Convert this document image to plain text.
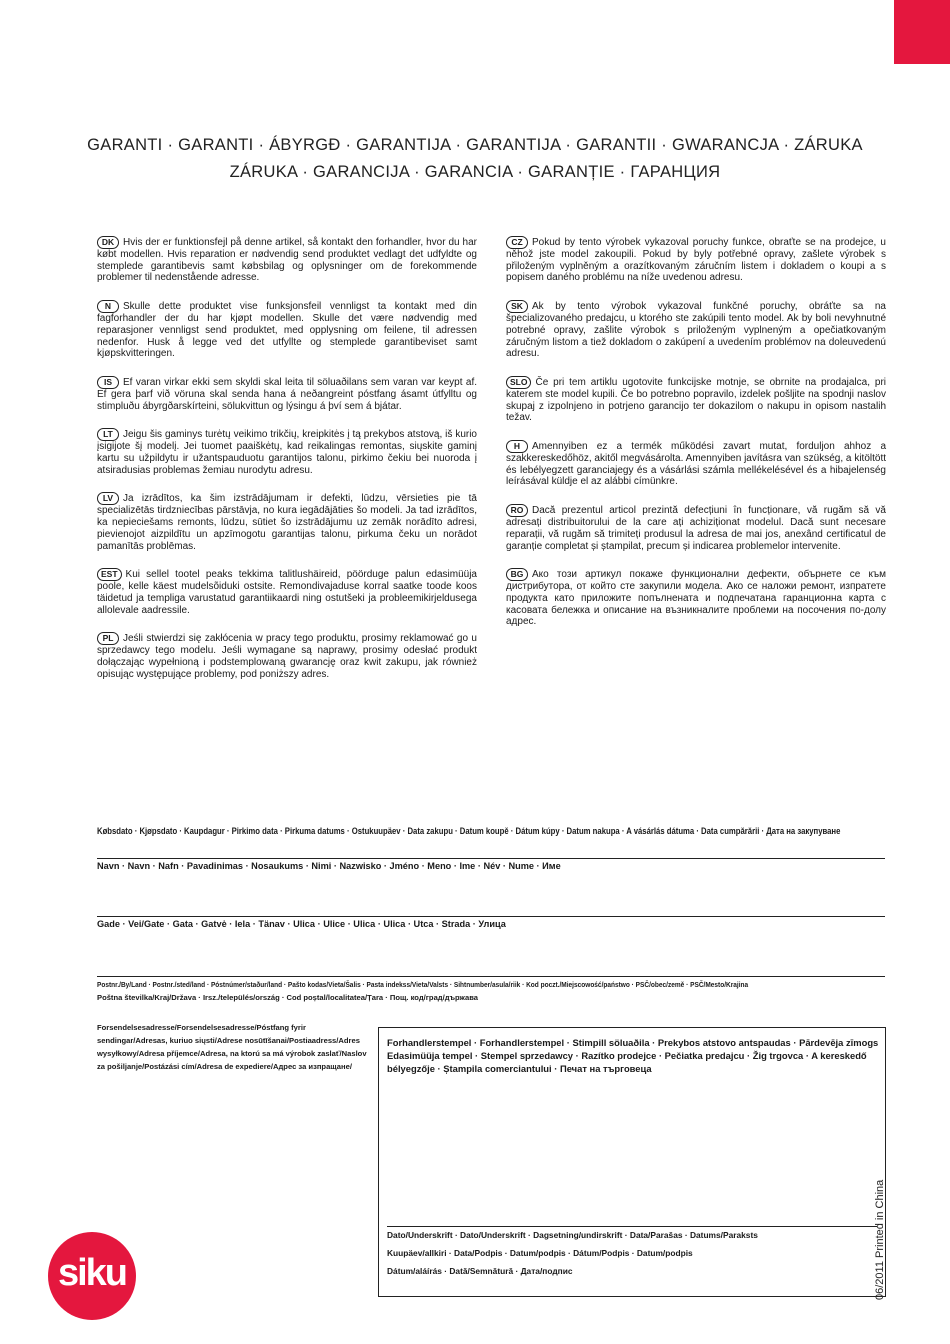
GARANTI · GARANTI · ÁBYRGÐ · GARANTIJA · GARANTIJA · GARANTII · GWARANCJA · ZÁRUKA
ZÁRUKA · GARANCIJA · GARANCIA · GARANȚIE · ГАРАНЦИЯ

DK Hvis der er funktionsfejl på denne artikel, så kontakt den forhandler, hvor du har købt modellen. Hvis reparation er nødvendig send produktet vedlagt det udfyldte og stemplede garantibevis samt købsbilag og oplysninger om de forekommende problemer til nedenstående adresse.

N Skulle dette produktet vise funksjonsfeil vennligst ta kontakt med din fagforhandler der du har kjøpt modellen. Skulle det være nødvendig med reparasjoner vennligst send produktet, med opplysning om feilene, til adressen nedenfor. Husk å legge ved det utfyllte og stemplede garantibeviset samt kjøpskvitteringen.

IS Ef varan virkar ekki sem skyldi skal leita til söluaðilans sem varan var keypt af. Ef gera þarf við vöruna skal senda hana á neðangreint póstfang ásamt útfylltu og stimpluðu ábyrgðarskírteini, sölukvittun og lýsingu á því sem á bjátar.

LT Jeigu šis gaminys turėtų veikimo trikčių, kreipkitės į tą prekybos atstovą, iš kurio įsigijote šį modelį. Jei tuomet paaiškėtų, kad reikalingas remontas, siųskite gaminį kartu su užpildytu ir užantspauduotu garantijos talonu, pirkimo čekiu bei nuoroda į atsiradusias problemas žemiau nurodytu adresu.

LV Ja izrādītos, ka šim izstrādājumam ir defekti, lūdzu, vērsieties pie tā specializētās tirdzniecības pārstāvja, no kura iegādājāties šo modeli. Ja tad izrādītos, ka nepieciešams remonts, lūdzu, sūtiet šo izstrādājumu uz zemāk norādīto adresi, pievienojot aizpildītu un apzīmogotu garantijas talonu, pirkuma čeku un norādot pamanītās problēmas.

EST Kui sellel tootel peaks tekkima talitlushäireid, pöörduge palun edasimüüja poole, kelle käest mudelsõiduki ostsite. Remondivajaduse korral saatke toode koos täidetud ja templiga varustatud garantiikaardi ning ostutšeki ja probleemikirjeldusega allolevale aadressile.

PL Jeśli stwierdzi się zakłócenia w pracy tego produktu, prosimy reklamować go u sprzedawcy tego modelu. Jeśli wymagane są naprawy, prosimy odesłać produkt dołączając wypełnioną i podstemplowaną gwarancję oraz kwit zakupu, jak również opisując występujące problemy, pod poniższy adres.

CZ Pokud by tento výrobek vykazoval poruchy funkce, obraťte se na prodejce, u něhož jste model zakoupili. Pokud by byly potřebné opravy, zašlete výrobek s přiloženým vyplněným a orazítkovaným záručním listem i dokladem o koupi a s popisem daného problému na níže uvedenou adresu.

SK Ak by tento výrobok vykazoval funkčné poruchy, obráťte sa na špecializovaného predajcu, u ktorého ste zakúpili tento model. Ak by boli nevyhnutné potrebné opravy, zašlite výrobok s priloženým vyplneným a opečiatkovaným záručným listom a tiež dokladom o zakúpení a uvedením problémov na doleuvedenú adresu.

SLO Če pri tem artiklu ugotovite funkcijske motnje, se obrnite na prodajalca, pri katerem ste model kupili. Če bo potrebno popravilo, izdelek pošljite na spodnji naslov skupaj z izpolnjeno in potrjeno garancijo ter dokazilom o nakupu in opisom nastalih težav.

H Amennyiben ez a termék működési zavart mutat, forduljon ahhoz a szakkereskedőhöz, akitől megvásárolta. Amennyiben javításra van szükség, a kitöltött és lebélyegzett garanciajegy és a vásárlási számla mellékelésével és a hibajelenség leírásával küldje el az alábbi címünkre.

RO Dacă prezentul articol prezintă defecțiuni în funcționare, vă rugăm să vă adresați distribuitorului de la care ați achiziționat modelul. Dacă sunt necesare reparații, vă rugăm să trimiteți produsul la adresa de mai jos, anexând certificatul de garanție completat și ștampilat, precum și indicarea problemelor intervenite.

BG Ако този артикул покаже функционални дефекти, обърнете се към дистрибутора, от който сте закупили модела. Ако се наложи ремонт, изпратете продукта като приложите попълнената и подпечатана гаранционна карта с касовата бележка и описание на възникналите проблеми на посочения по-долу адрес.

Købsdato · Kjøpsdato · Kaupdagur · Pirkimo data · Pirkuma datums · Ostukuupäev · Data zakupu · Datum koupě · Dátum kúpy · Datum nakupa · A vásárlás dátuma · Data cumpărării · Дата на закупуване
Navn · Navn · Nafn · Pavadinimas · Nosaukums · Nimi · Nazwisko · Jméno · Meno · Ime · Név · Nume · Име
Gade · Vei/Gate · Gata · Gatvė · Iela · Tänav · Ulica · Ulice · Ulica · Ulica · Utca · Strada · Улица
Postnr./By/Land · Postnr./sted/land · Póstnúmer/staður/land · Pašto kodas/Vieta/Šalis · Pasta indekss/Vieta/Valsts · Sihtnumber/asula/riik · Kod poczt./Miejscowość/państwo · PSČ/obec/země · PSČ/Mesto/Krajina
Poštna številka/Kraj/Država · Irsz./település/ország · Cod poștal/localitatea/Țara · Пощ. код/град/държава
Forsendelsesadresse/Forsendelsesadresse/Póstfang fyrir sendingar/Adresas, kuriuo siųsti/Adrese nosūtīšanai/Postiaadress/Adres wysyłkowy/Adresa příjemce/Adresa, na ktorú sa má výrobok zaslať/Naslov za pošiljanje/Postázási cím/Adresa de expediere/Адрес за изпращане/
Forhandlerstempel · Forhandlerstempel · Stimpill söluaðila · Prekybos atstovo antspaudas · Pārdevēja zīmogs Edasimüüja tempel · Stempel sprzedawcy · Razítko prodejce · Pečiatka predajcu · Žig trgovca · A kereskedő bélyegzője · Ștampila comerciantului · Печат на търговеца
Dato/Underskrift · Dato/Underskrift · Dagsetning/undirskrift · Data/Parašas · Datums/Paraksts
Kuupäev/allkiri · Data/Podpis · Datum/podpis · Dátum/Podpis · Datum/podpis
Dátum/aláírás · Datǎ/Semnǎturǎ · Дата/подпис	06/2011 Printed in China
siku
